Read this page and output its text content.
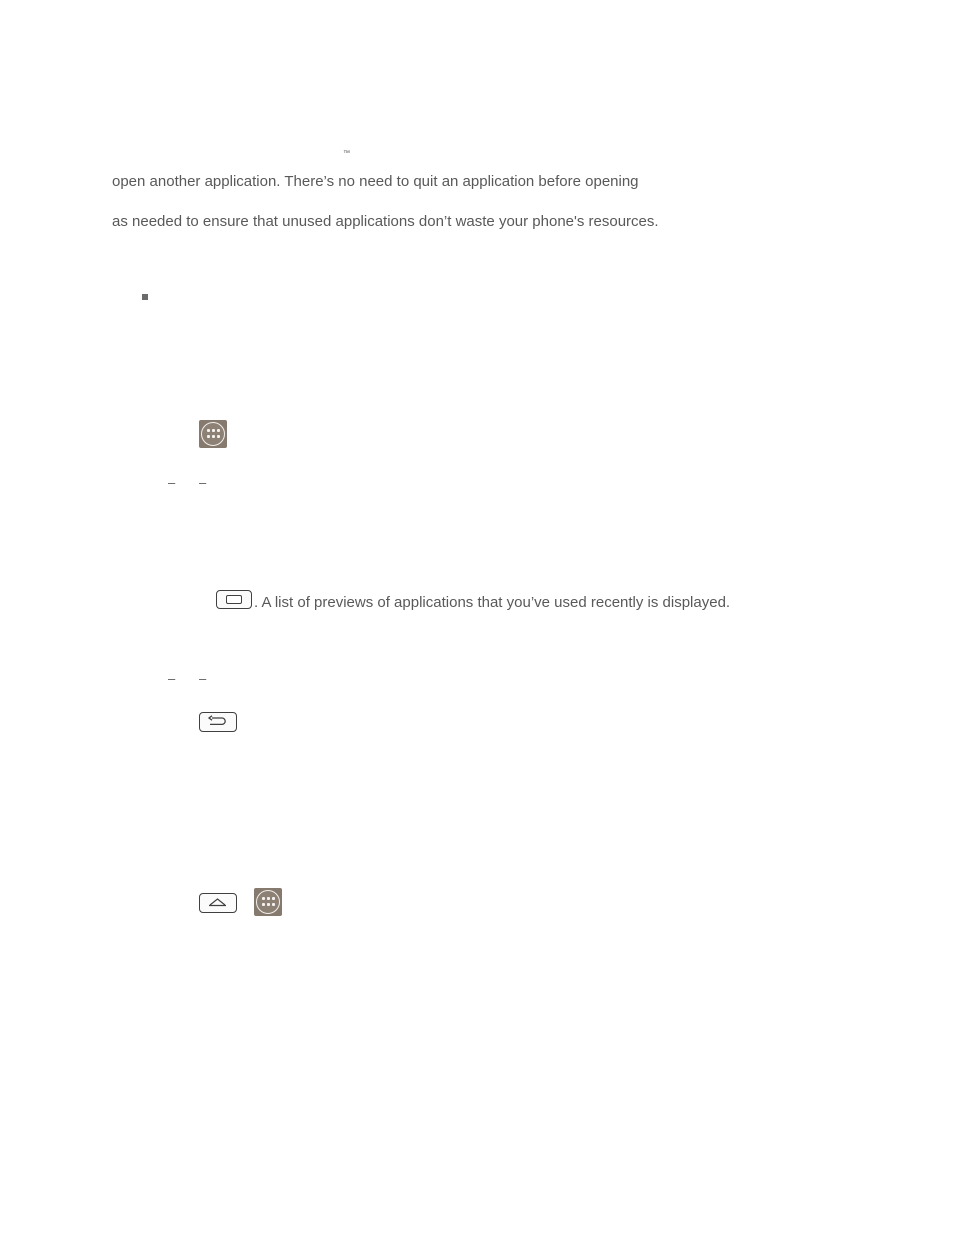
™
open another application. There’s no need to quit an application before opening
as needed to ensure that unused applications don’t waste your phone's resources.
– –
. A list of previews of applications that you’ve used recently is displayed.
– –
